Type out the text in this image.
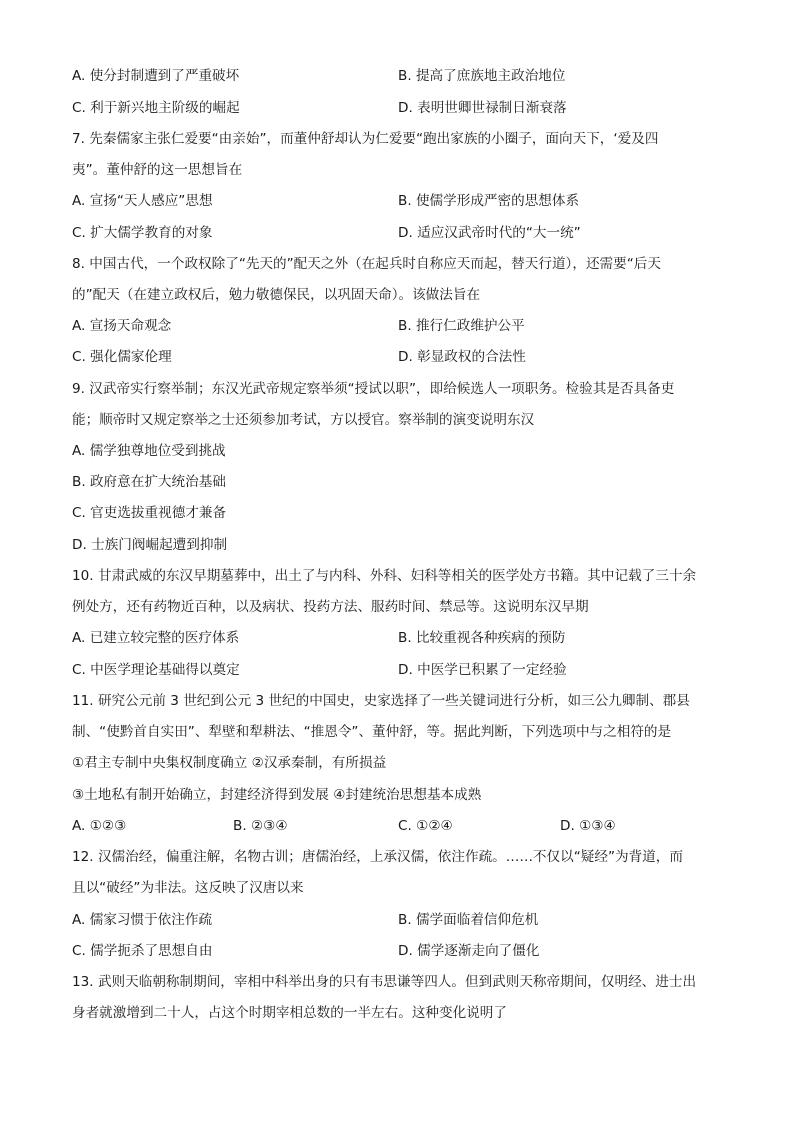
A. 使分封制遭到了严重破坏	B. 提高了庶族地主政治地位
C. 利于新兴地主阶级的崛起	D. 表明世卿世禄制日渐衰落
7. 先秦儒家主张仁爱要“由亲始”，而董仲舒却认为仁爱要“跑出家族的小圈子，面向天下，‘爱及四
夷”。董仲舒的这一思想旨在
A. 宣扬“天人感应”思想	B. 使儒学形成严密的思想体系
C. 扩大儒学教育的对象	D. 适应汉武帝时代的“大一统”
8. 中国古代，一个政权除了“先天的”配天之外（在起兵时自称应天而起，替天行道），还需要“后天
的”配天（在建立政权后，勉力敬德保民，以巩固天命）。该做法旨在
A. 宣扬天命观念	B. 推行仁政维护公平
C. 强化儒家伦理	D. 彰显政权的合法性
9. 汉武帝实行察举制；东汉光武帝规定察举须“授试以职”，即给候选人一项职务。检验其是否具备吏
能；顺帝时又规定察举之士还须参加考试，方以授官。察举制的演变说明东汉
A. 儒学独尊地位受到挑战
B. 政府意在扩大统治基础
C. 官吏选拔重视德才兼备
D. 士族门阀崛起遭到抑制
10. 甘肃武威的东汉早期墓葬中，出土了与内科、外科、妇科等相关的医学处方书籍。其中记载了三十余
例处方，还有药物近百种，以及病状、投药方法、服药时间、禁忌等。这说明东汉早期
A. 已建立较完整的医疗体系	B. 比较重视各种疾病的预防
C. 中医学理论基础得以奠定	D. 中医学已积累了一定经验
11. 研究公元前 3 世纪到公元 3 世纪的中国史，史家选择了一些关键词进行分析，如三公九卿制、郡县
制、“使黔首自实田”、犁壁和犁耕法、“推恩令”、董仲舒，等。据此判断，下列选项中与之相符的是
①君主专制中央集权制度确立 ②汉承秦制，有所损益
③土地私有制开始确立，封建经济得到发展 ④封建统治思想基本成熟
A. ①②③	B. ②③④	C. ①②④	D. ①③④
12. 汉儒治经，偏重注解，名物古训；唐儒治经，上承汉儒，依注作疏。……不仅以“疑经”为背道，而
且以“破经”为非法。这反映了汉唐以来
A. 儒家习惯于依注作疏	B. 儒学面临着信仰危机
C. 儒学扼杀了思想自由	D. 儒学逐渐走向了僵化
13. 武则天临朝称制期间，宰相中科举出身的只有韦思谦等四人。但到武则天称帝期间，仅明经、进士出
身者就激增到二十人，占这个时期宰相总数的一半左右。这种变化说明了
